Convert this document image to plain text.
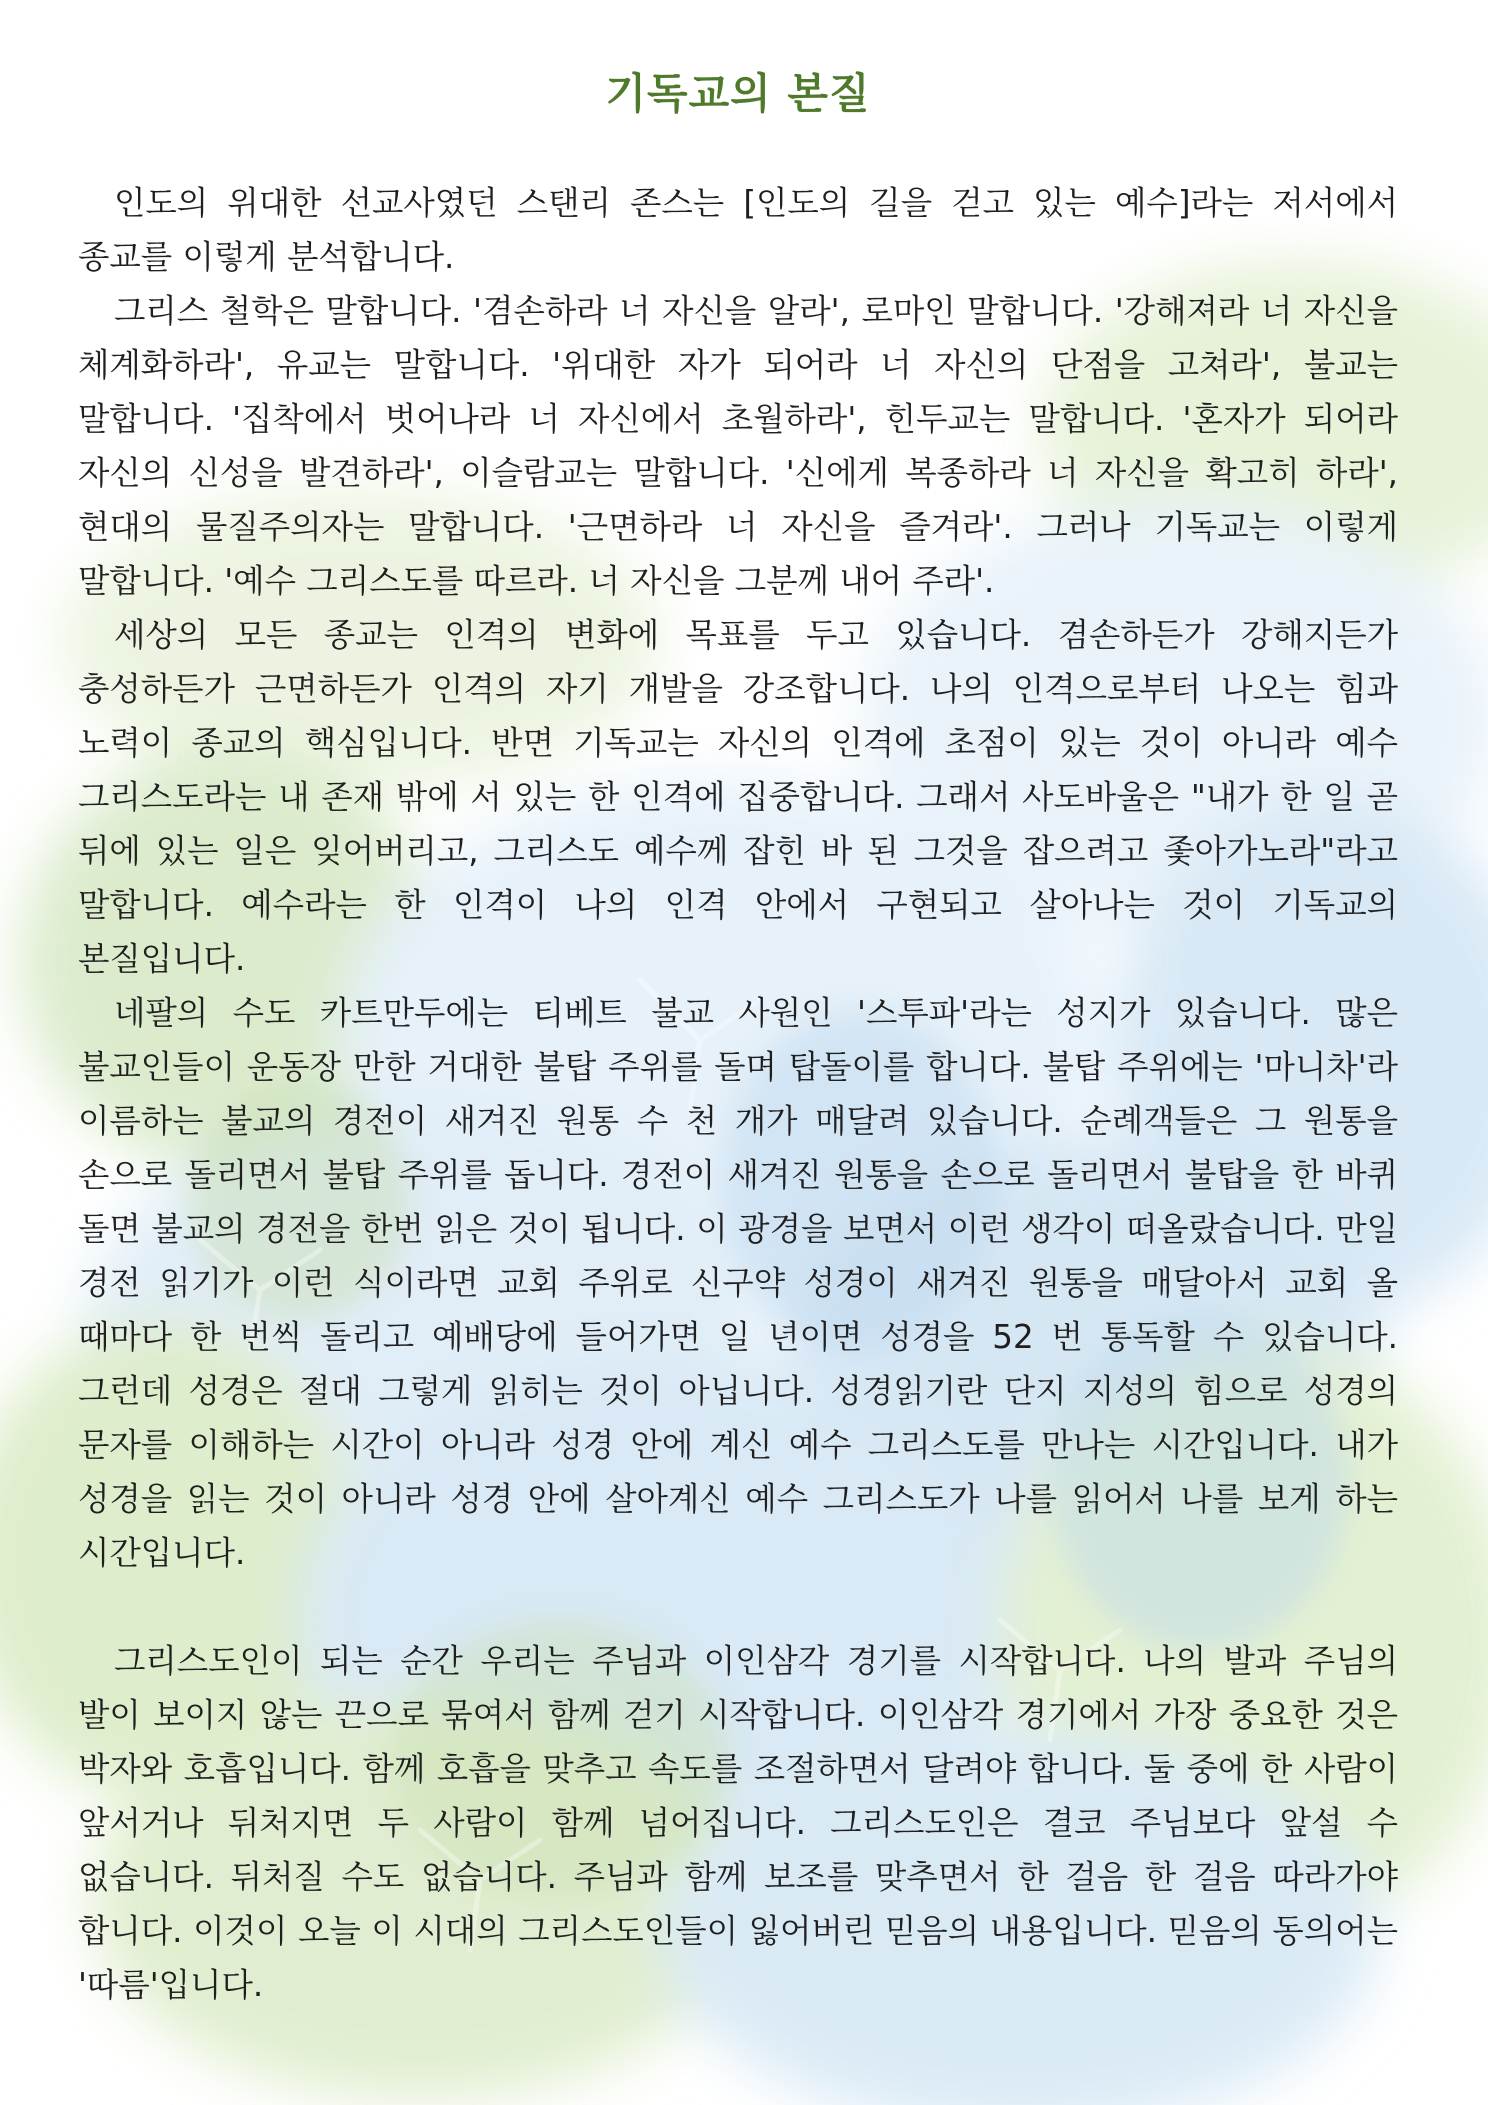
기독교의 본질

인도의 위대한 선교사였던 스탠리 존스는 [인도의 길을 걷고 있는 예수]라는 저서에서 종교를 이렇게 분석합니다.

그리스 철학은 말합니다. '겸손하라 너 자신을 알라', 로마인 말합니다. '강해져라 너 자신을 체계화하라', 유교는 말합니다. '위대한 자가 되어라 너 자신의 단점을 고쳐라', 불교는 말합니다. '집착에서 벗어나라 너 자신에서 초월하라', 힌두교는 말합니다. '혼자가 되어라 자신의 신성을 발견하라', 이슬람교는 말합니다. '신에게 복종하라 너 자신을 확고히 하라', 현대의 물질주의자는 말합니다. '근면하라 너 자신을 즐겨라'. 그러나 기독교는 이렇게 말합니다. '예수 그리스도를 따르라. 너 자신을 그분께 내어 주라'.

세상의 모든 종교는 인격의 변화에 목표를 두고 있습니다. 겸손하든가 강해지든가 충성하든가 근면하든가 인격의 자기 개발을 강조합니다. 나의 인격으로부터 나오는 힘과 노력이 종교의 핵심입니다. 반면 기독교는 자신의 인격에 초점이 있는 것이 아니라 예수 그리스도라는 내 존재 밖에 서 있는 한 인격에 집중합니다. 그래서 사도바울은 "내가 한 일 곧 뒤에 있는 일은 잊어버리고, 그리스도 예수께 잡힌 바 된 그것을 잡으려고 좇아가노라"라고 말합니다. 예수라는 한 인격이 나의 인격 안에서 구현되고 살아나는 것이 기독교의 본질입니다.

네팔의 수도 카트만두에는 티베트 불교 사원인 '스투파'라는 성지가 있습니다. 많은 불교인들이 운동장 만한 거대한 불탑 주위를 돌며 탑돌이를 합니다. 불탑 주위에는 '마니차'라 이름하는 불교의 경전이 새겨진 원통 수 천 개가 매달려 있습니다. 순례객들은 그 원통을 손으로 돌리면서 불탑 주위를 돕니다. 경전이 새겨진 원통을 손으로 돌리면서 불탑을 한 바퀴 돌면 불교의 경전을 한번 읽은 것이 됩니다. 이 광경을 보면서 이런 생각이 떠올랐습니다. 만일 경전 읽기가 이런 식이라면 교회 주위로 신구약 성경이 새겨진 원통을 매달아서 교회 올 때마다 한 번씩 돌리고 예배당에 들어가면 일 년이면 성경을 52 번 통독할 수 있습니다. 그런데 성경은 절대 그렇게 읽히는 것이 아닙니다. 성경읽기란 단지 지성의 힘으로 성경의 문자를 이해하는 시간이 아니라 성경 안에 계신 예수 그리스도를 만나는 시간입니다. 내가 성경을 읽는 것이 아니라 성경 안에 살아계신 예수 그리스도가 나를 읽어서 나를 보게 하는 시간입니다.

그리스도인이 되는 순간 우리는 주님과 이인삼각 경기를 시작합니다. 나의 발과 주님의 발이 보이지 않는 끈으로 묶여서 함께 걷기 시작합니다. 이인삼각 경기에서 가장 중요한 것은 박자와 호흡입니다. 함께 호흡을 맞추고 속도를 조절하면서 달려야 합니다. 둘 중에 한 사람이 앞서거나 뒤처지면 두 사람이 함께 넘어집니다. 그리스도인은 결코 주님보다 앞설 수 없습니다. 뒤처질 수도 없습니다. 주님과 함께 보조를 맞추면서 한 걸음 한 걸음 따라가야 합니다. 이것이 오늘 이 시대의 그리스도인들이 잃어버린 믿음의 내용입니다. 믿음의 동의어는 '따름'입니다.
